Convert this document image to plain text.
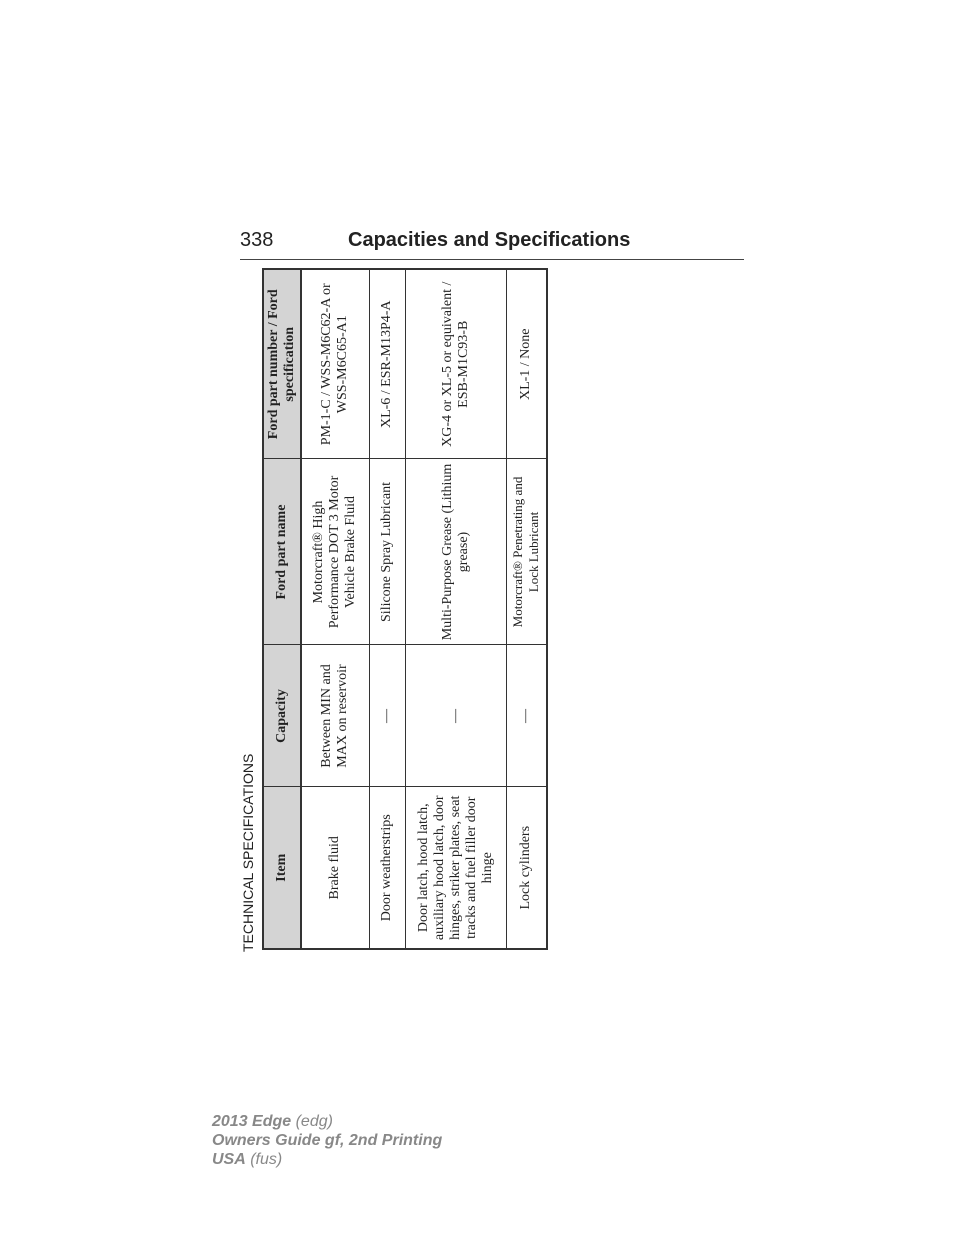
338	Capacities and Specifications
TECHNICAL SPECIFICATIONS Item	Capacity	Ford part name	Ford part number / Ford specification
Brake fluid	Between MIN and MAX on reservoir	Motorcraft® High Performance DOT 3 Motor Vehicle Brake Fluid	PM-1-C / WSS-M6C62-A or WSS-M6C65-A1
Door weatherstrips	—	Silicone Spray Lubricant	XL-6 / ESR-M13P4-A
Door latch, hood latch, auxiliary hood latch, door hinges, striker plates, seat tracks and fuel filler door hinge	—	Multi-Purpose Grease (Lithium grease)	XG-4 or XL-5 or equivalent / ESB-M1C93-B
Lock cylinders	—	Motorcraft® Penetrating and Lock Lubricant	XL-1 / None
2013 Edge (edg)
Owners Guide gf, 2nd Printing
USA (fus)
